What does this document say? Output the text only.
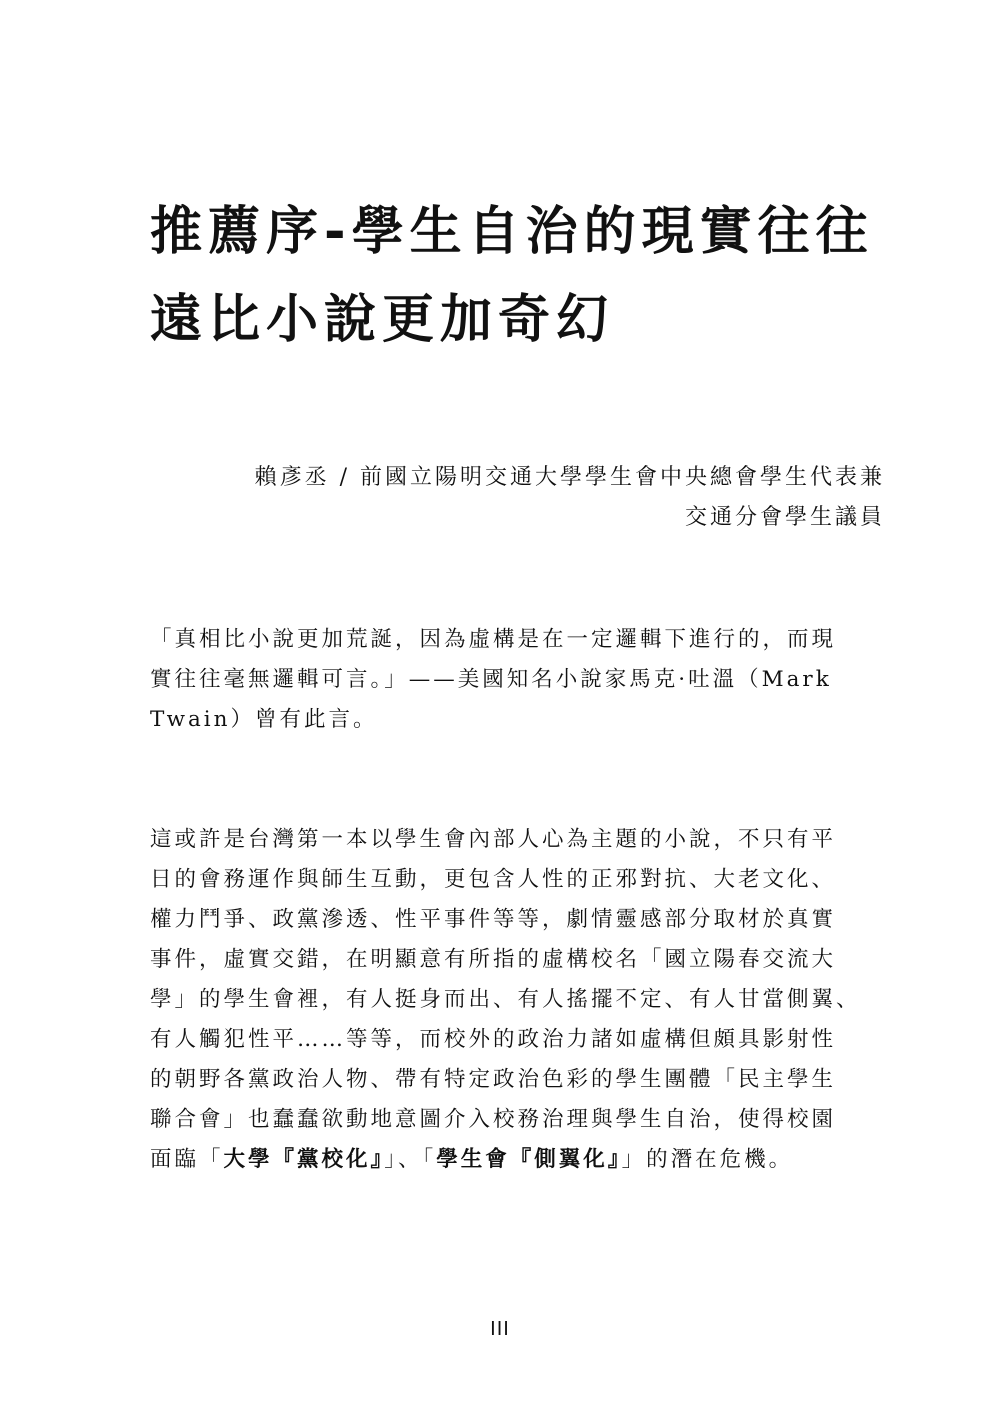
推薦序-學生自治的現實往往
遠比小說更加奇幻
賴彥丞 / 前國立陽明交通大學學生會中央總會學生代表兼
交通分會學生議員

「真相比小說更加荒誕，因為虛構是在一定邏輯下進行的，而現
實往往毫無邏輯可言。」——美國知名小說家馬克·吐溫（Mark
Twain）曾有此言。

這或許是台灣第一本以學生會內部人心為主題的小說，不只有平
日的會務運作與師生互動，更包含人性的正邪對抗、大老文化、
權力鬥爭、政黨滲透、性平事件等等，劇情靈感部分取材於真實
事件，虛實交錯，在明顯意有所指的虛構校名「國立陽春交流大
學」的學生會裡，有人挺身而出、有人搖擺不定、有人甘當側翼、
有人觸犯性平……等等，而校外的政治力諸如虛構但頗具影射性
的朝野各黨政治人物、帶有特定政治色彩的學生團體「民主學生
聯合會」也蠢蠢欲動地意圖介入校務治理與學生自治，使得校園
面臨「大學『黨校化』」、「學生會『側翼化』」的潛在危機。

III
